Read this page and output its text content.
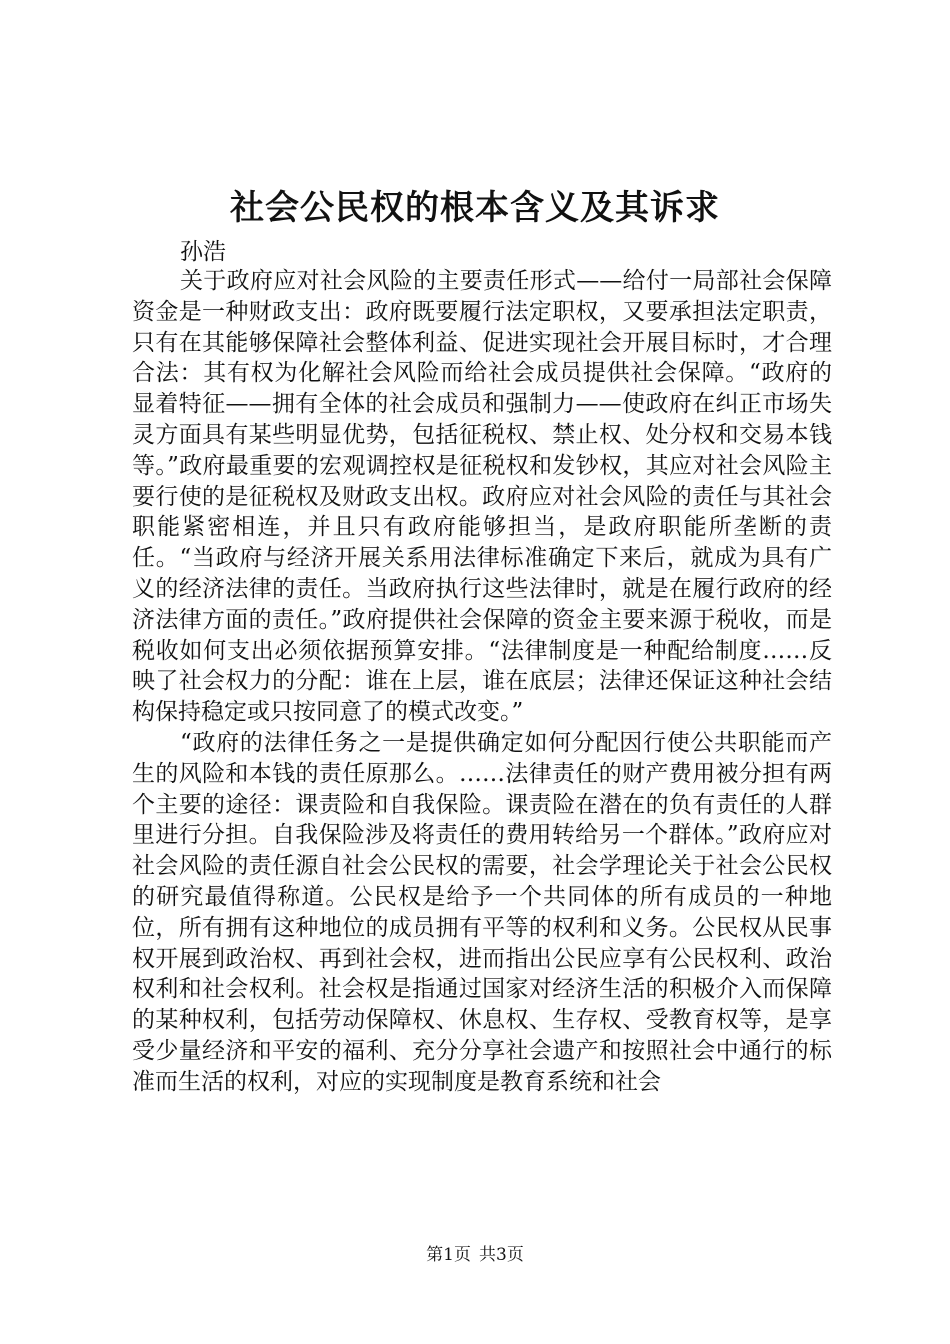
社会公民权的根本含义及其诉求

孙浩

关于政府应对社会风险的主要责任形式——给付一局部社会保障资金是一种财政支出：政府既要履行法定职权，又要承担法定职责，只有在其能够保障社会整体利益、促进实现社会开展目标时，才合理合法：其有权为化解社会风险而给社会成员提供社会保障。“政府的显着特征——拥有全体的社会成员和强制力——使政府在纠正市场失灵方面具有某些明显优势，包括征税权、禁止权、处分权和交易本钱等。”政府最重要的宏观调控权是征税权和发钞权，其应对社会风险主要行使的是征税权及财政支出权。政府应对社会风险的责任与其社会职能紧密相连，并且只有政府能够担当，是政府职能所垄断的责任。“当政府与经济开展关系用法律标准确定下来后，就成为具有广义的经济法律的责任。当政府执行这些法律时，就是在履行政府的经济法律方面的责任。”政府提供社会保障的资金主要来源于税收，而是税收如何支出必须依据预算安排。“法律制度是一种配给制度……反映了社会权力的分配：谁在上层，谁在底层；法律还保证这种社会结构保持稳定或只按同意了的模式改变。”

“政府的法律任务之一是提供确定如何分配因行使公共职能而产生的风险和本钱的责任原那么。……法律责任的财产费用被分担有两个主要的途径：课责险和自我保险。课责险在潜在的负有责任的人群里进行分担。自我保险涉及将责任的费用转给另一个群体。”政府应对社会风险的责任源自社会公民权的需要，社会学理论关于社会公民权的研究最值得称道。公民权是给予一个共同体的所有成员的一种地位，所有拥有这种地位的成员拥有平等的权利和义务。公民权从民事权开展到政治权、再到社会权，进而指出公民应享有公民权利、政治权利和社会权利。社会权是指通过国家对经济生活的积极介入而保障的某种权利，包括劳动保障权、休息权、生存权、受教育权等，是享受少量经济和平安的福利、充分分享社会遗产和按照社会中通行的标准而生活的权利，对应的实现制度是教育系统和社会

第1页 共3页
